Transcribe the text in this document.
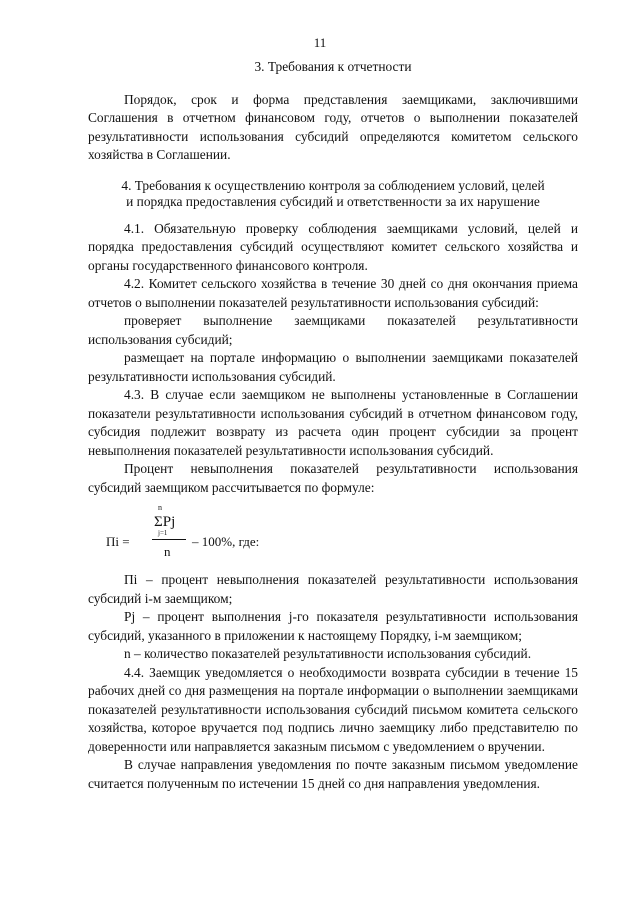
11
3. Требования к отчетности

Порядок, срок и форма представления заемщиками, заключившими Соглашения в отчетном финансовом году, отчетов о выполнении показателей результативности использования субсидий определяются комитетом сельского хозяйства в Соглашении.

4. Требования к осуществлению контроля за соблюдением условий, целей
и порядка предоставления субсидий и ответственности за их нарушение

4.1. Обязательную проверку соблюдения заемщиками условий, целей и порядка предоставления субсидий осуществляют комитет сельского хозяйства и органы государственного финансового контроля.

4.2. Комитет сельского хозяйства в течение 30 дней со дня окончания приема отчетов о выполнении показателей результативности использования субсидий:

проверяет выполнение заемщиками показателей результативности использования субсидий;

размещает на портале информацию о выполнении заемщиками показателей результативности использования субсидий.

4.3. В случае если заемщиком не выполнены установленные в Соглашении показатели результативности использования субсидий в отчетном финансовом году, субсидия подлежит возврату из расчета один процент субсидии за процент невыполнения показателей результативности использования субсидий.

Процент невыполнения показателей результативности использования субсидий заемщиком рассчитывается по формуле:

n
ΣPj
j=1
Пi =
n
– 100%, где:

Пi – процент невыполнения показателей результативности использования субсидий i-м заемщиком;

Pj – процент выполнения j-го показателя результативности использования субсидий, указанного в приложении к настоящему Порядку, i-м заемщиком;

n – количество показателей результативности использования субсидий.

4.4. Заемщик уведомляется о необходимости возврата субсидии в течение 15 рабочих дней со дня размещения на портале информации о выполнении заемщиками показателей результативности использования субсидий письмом комитета сельского хозяйства, которое вручается под подпись лично заемщику либо представителю по доверенности или направляется заказным письмом с уведомлением о вручении.

В случае направления уведомления по почте заказным письмом уведомление считается полученным по истечении 15 дней со дня направления уведомления.
